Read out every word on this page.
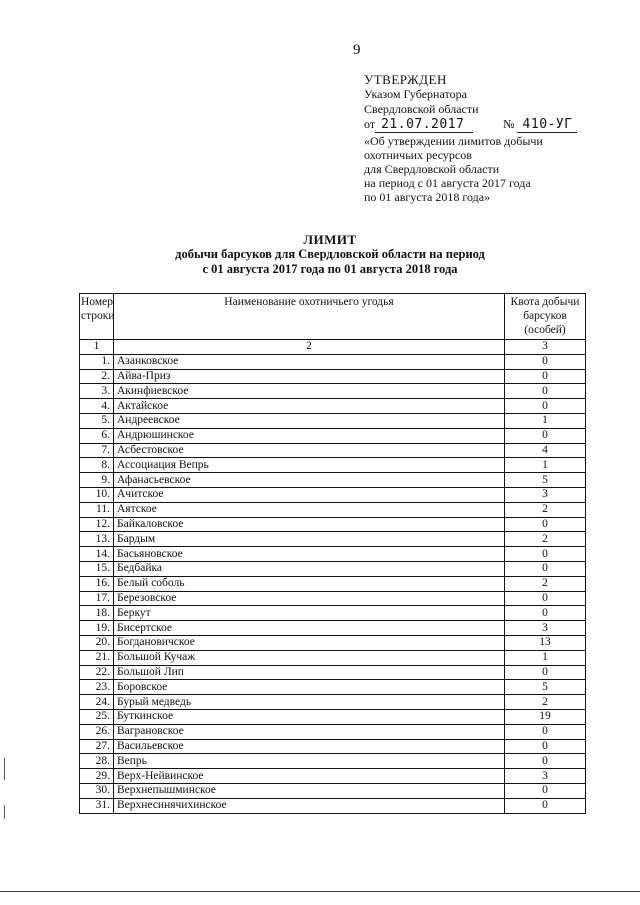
9
УТВЕРЖДЕН
Указом Губернатора
Свердловской области
от 21.07.2017	№ 410-УГ
«Об утверждении лимитов добычи
охотничьих ресурсов
для Свердловской области
на период с 01 августа 2017 года
по 01 августа 2018 года»
ЛИМИТ
добычи барсуков для Свердловской области на период
с 01 августа 2017 года по 01 августа 2018 года
Номер строки	Наименование охотничьего угодья	Квота добычи барсуков (особей)
1	2	3
1.	Азанковское	0
2.	Айва-Приз	0
3.	Акинфиевское	0
4.	Актайское	0
5.	Андреевское	1
6.	Андрюшинское	0
7.	Асбестовское	4
8.	Ассоциация Вепрь	1
9.	Афанасьевское	5
10.	Ачитское	3
11.	Аятское	2
12.	Байкаловское	0
13.	Бардым	2
14.	Басьяновское	0
15.	Бедбайка	0
16.	Белый соболь	2
17.	Березовское	0
18.	Беркут	0
19.	Бисертское	3
20.	Богдановичское	13
21.	Большой Кучаж	1
22.	Большой Лип	0
23.	Боровское	5
24.	Бурый медведь	2
25.	Буткинское	19
26.	Ваграновское	0
27.	Васильевское	0
28.	Вепрь	0
29.	Верх-Нейвинское	3
30.	Верхнепышминское	0
31.	Верхнесинячихинское	0
